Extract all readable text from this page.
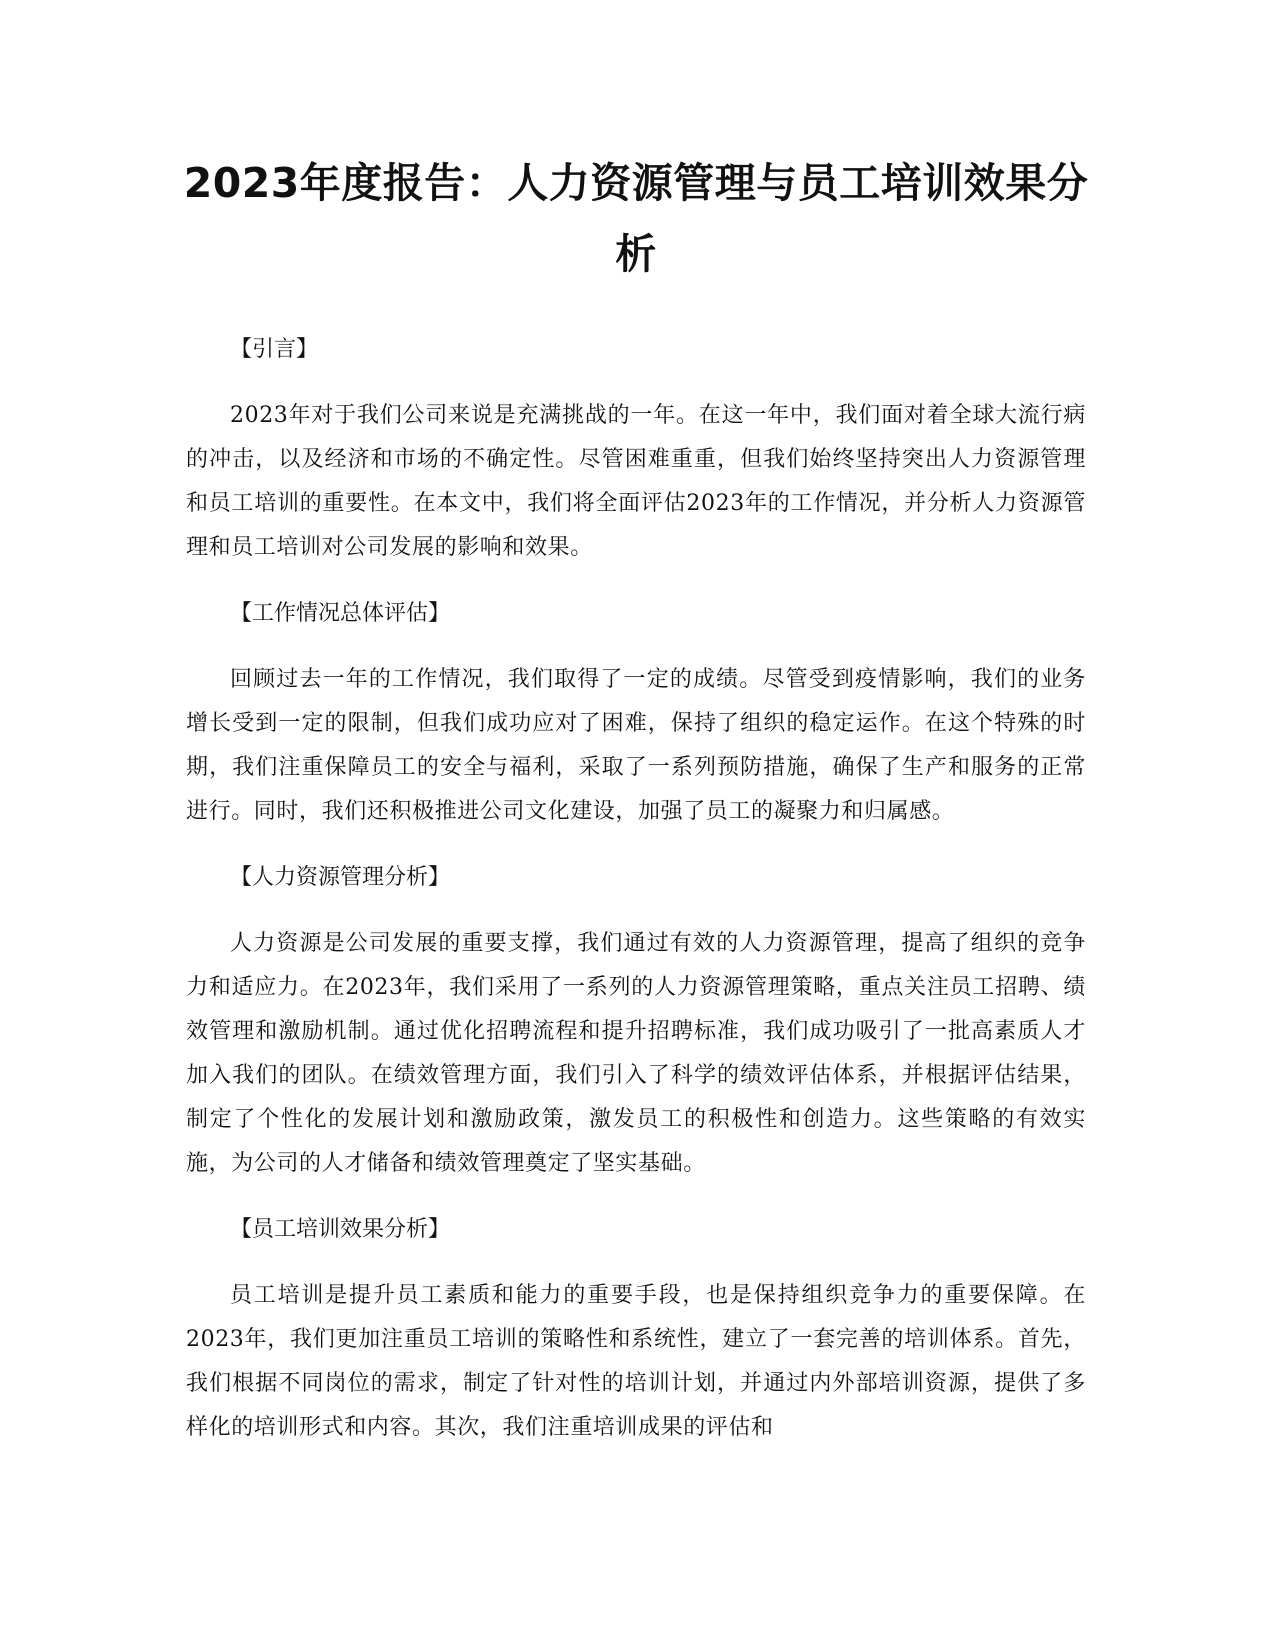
2023年度报告：人力资源管理与员工培训效果分析

【引言】

2023年对于我们公司来说是充满挑战的一年。在这一年中，我们面对着全球大流行病的冲击，以及经济和市场的不确定性。尽管困难重重，但我们始终坚持突出人力资源管理和员工培训的重要性。在本文中，我们将全面评估2023年的工作情况，并分析人力资源管理和员工培训对公司发展的影响和效果。

【工作情况总体评估】

回顾过去一年的工作情况，我们取得了一定的成绩。尽管受到疫情影响，我们的业务增长受到一定的限制，但我们成功应对了困难，保持了组织的稳定运作。在这个特殊的时期，我们注重保障员工的安全与福利，采取了一系列预防措施，确保了生产和服务的正常进行。同时，我们还积极推进公司文化建设，加强了员工的凝聚力和归属感。

【人力资源管理分析】

人力资源是公司发展的重要支撑，我们通过有效的人力资源管理，提高了组织的竞争力和适应力。在2023年，我们采用了一系列的人力资源管理策略，重点关注员工招聘、绩效管理和激励机制。通过优化招聘流程和提升招聘标准，我们成功吸引了一批高素质人才加入我们的团队。在绩效管理方面，我们引入了科学的绩效评估体系，并根据评估结果，制定了个性化的发展计划和激励政策，激发员工的积极性和创造力。这些策略的有效实施，为公司的人才储备和绩效管理奠定了坚实基础。

【员工培训效果分析】

员工培训是提升员工素质和能力的重要手段，也是保持组织竞争力的重要保障。在2023年，我们更加注重员工培训的策略性和系统性，建立了一套完善的培训体系。首先，我们根据不同岗位的需求，制定了针对性的培训计划，并通过内外部培训资源，提供了多样化的培训形式和内容。其次，我们注重培训成果的评估和
